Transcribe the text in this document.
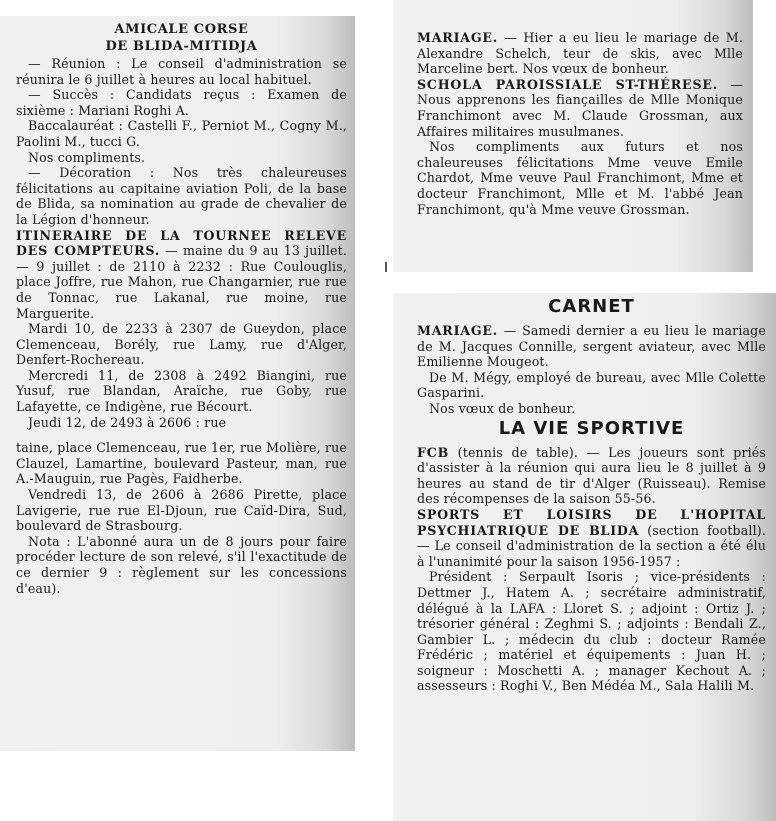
AMICALE CORSE
DE BLIDA-MITIDJA

— Réunion : Le conseil d'administration se réunira le 6 juillet à heures au local habituel.

— Succès : Candidats reçus : Examen de sixième : Mariani Roghi A.

Baccalauréat : Castelli F., Perniot M., Cogny M., Paolini M., tucci G.

Nos compliments.

— Décoration : Nos très chaleureuses félicitations au capitaine aviation Poli, de la base de Blida, sa nomination au grade de chevalier de la Légion d'honneur.

ITINERAIRE DE LA TOURNEE RELEVE DES COMPTEURS. — maine du 9 au 13 juillet. — 9 juillet : de 2110 à 2232 : Rue Coulouglis, place Joffre, rue Mahon, rue Changarnier, rue rue de Tonnac, rue Lakanal, rue moine, rue Marguerite.

Mardi 10, de 2233 à 2307 de Gueydon, place Clemenceau, Borély, rue Lamy, rue d'Alger, Denfert-Rochereau.

Mercredi 11, de 2308 à 2492 Biangini, rue Yusuf, rue Blandan, Araïche, rue Goby, rue Lafayette, ce Indigène, rue Bécourt.

Jeudi 12, de 2493 à 2606 : rue

taine, place Clemenceau, rue 1er, rue Molière, rue Clauzel, Lamartine, boulevard Pasteur, man, rue A.-Mauguin, rue Pagès, Faidherbe.

Vendredi 13, de 2606 à 2686 Pirette, place Lavigerie, rue rue El-Djoun, rue Caïd-Dira, Sud, boulevard de Strasbourg.

Nota : L'abonné aura un de 8 jours pour faire procéder lecture de son relevé, s'il l'exactitude de ce dernier 9 : règlement sur les concessions d'eau).

MARIAGE. — Hier a eu lieu le mariage de M. Alexandre Schelch, teur de skis, avec Mlle Marceline bert. Nos vœux de bonheur.

SCHOLA PAROISSIALE ST-THÉRESE. — Nous apprenons les fiançailles de Mlle Monique Franchimont avec M. Claude Grossman, aux Affaires militaires musulmanes.

Nos compliments aux futurs et nos chaleureuses félicitations Mme veuve Emile Chardot, Mme veuve Paul Franchimont, Mme et docteur Franchimont, Mlle et M. l'abbé Jean Franchimont, qu'à Mme veuve Grossman.

CARNET

MARIAGE. — Samedi dernier a eu lieu le mariage de M. Jacques Connille, sergent aviateur, avec Mlle Emilienne Mougeot.

De M. Mégy, employé de bureau, avec Mlle Colette Gasparini.

Nos vœux de bonheur.

LA VIE SPORTIVE

FCB (tennis de table). — Les joueurs sont priés d'assister à la réunion qui aura lieu le 8 juillet à 9 heures au stand de tir d'Alger (Ruisseau). Remise des récompenses de la saison 55-56.

SPORTS ET LOISIRS DE L'HOPITAL PSYCHIATRIQUE DE BLIDA (section football). — Le conseil d'administration de la section a été élu à l'unanimité pour la saison 1956-1957 :

Président : Serpault Isoris ; vice-présidents : Dettmer J., Hatem A. ; secrétaire administratif, délégué à la LAFA : Lloret S. ; adjoint : Ortiz J. ; trésorier général : Zeghmi S. ; adjoints : Bendali Z., Gambier L. ; médecin du club : docteur Ramée Frédéric ; matériel et équipements : Juan H. ; soigneur : Moschetti A. ; manager Kechout A. ; assesseurs : Roghi V., Ben Médéa M., Sala Halili M.
